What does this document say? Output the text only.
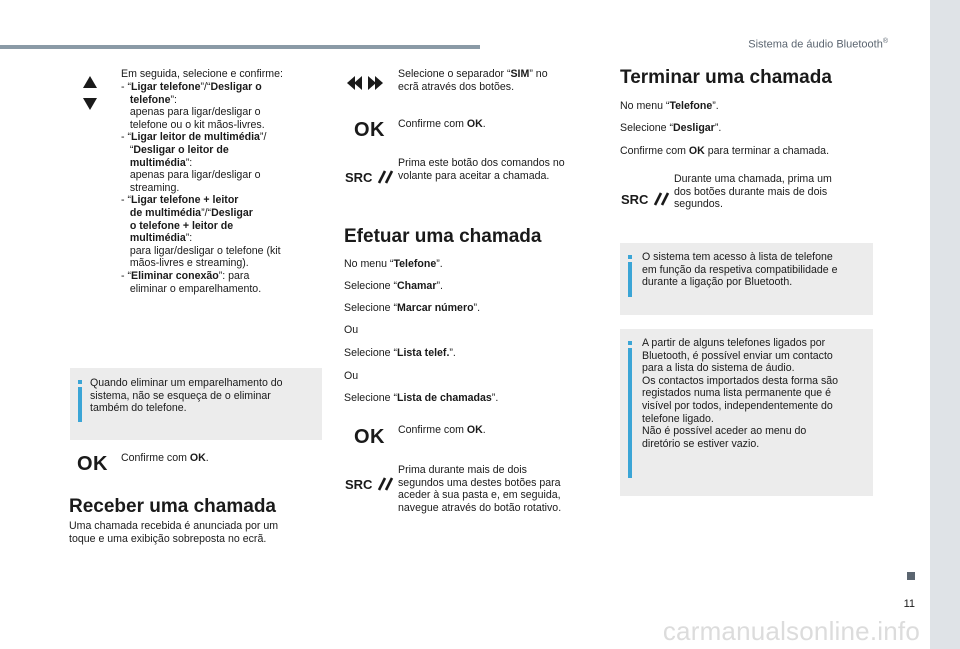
Sistema de áudio Bluetooth®
11
carmanualsonline.info
Em seguida, selecione e confirme:
- “Ligar telefone”/“Desligar o
telefone”:
apenas para ligar/desligar o
telefone ou o kit mãos-livres.
- “Ligar leitor de multimédia”/
“Desligar o leitor de
multimédia”:
apenas para ligar/desligar o
streaming.
- “Ligar telefone + leitor
de multimédia”/“Desligar
o telefone + leitor de
multimédia”:
para ligar/desligar o telefone (kit
mãos-livres e streaming).
- “Eliminar conexão”: para
eliminar o emparelhamento.
Quando eliminar um emparelhamento do
sistema, não se esqueça de o eliminar
também do telefone.
OK Confirme com OK.
Receber uma chamada
Uma chamada recebida é anunciada por um
toque e uma exibição sobreposta no ecrã.
Selecione o separador “SIM” no
ecrã através dos botões.
OK Confirme com OK.
SRC
Prima este botão dos comandos no
volante para aceitar a chamada.
Efetuar uma chamada
No menu “Telefone”.
Selecione “Chamar”.
Selecione “Marcar número”.
Ou
Selecione “Lista telef.”.
Ou
Selecione “Lista de chamadas”.
OK Confirme com OK.
SRC
Prima durante mais de dois
segundos uma destes botões para
aceder à sua pasta e, em seguida,
navegue através do botão rotativo.
Terminar uma chamada
No menu “Telefone”.
Selecione “Desligar”.
Confirme com OK para terminar a chamada.
SRC
Durante uma chamada, prima um
dos botões durante mais de dois
segundos.
O sistema tem acesso à lista de telefone
em função da respetiva compatibilidade e
durante a ligação por Bluetooth.
A partir de alguns telefones ligados por
Bluetooth, é possível enviar um contacto
para a lista do sistema de áudio.
Os contactos importados desta forma são
registados numa lista permanente que é
visível por todos, independentemente do
telefone ligado.
Não é possível aceder ao menu do
diretório se estiver vazio.
